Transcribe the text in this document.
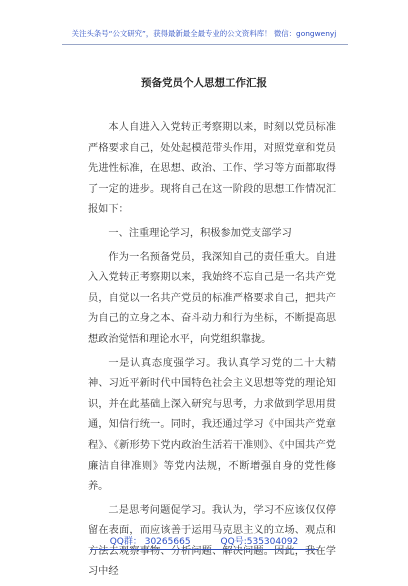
关注头条号“公文研究”，获得最新最全最专业的公文资料库！ 微信：gongwenyj
预备党员个人思想工作汇报

本人自进入入党转正考察期以来，时刻以党员标准严格要求自己，处处起模范带头作用，对照党章和党员先进性标准，在思想、政治、工作、学习等方面都取得了一定的进步。现将自己在这一阶段的思想工作情况汇报如下：

一、注重理论学习，积极参加党支部学习

作为一名预备党员，我深知自己的责任重大。自进入入党转正考察期以来，我始终不忘自己是一名共产党员，自觉以一名共产党员的标准严格要求自己，把共产为自己的立身之本、奋斗动力和行为坐标，不断提高思想政治觉悟和理论水平，向党组织靠拢。

一是认真态度强学习。我认真学习党的二十大精神、习近平新时代中国特色社会主义思想等党的理论知识，并在此基础上深入研究与思考，力求做到学思用贯通，知信行统一。同时，我还通过学习《中国共产党章程》、《新形势下党内政治生活若干准则》、《中国共产党廉洁自律准则》等党内法规，不断增强自身的党性修养。

二是思考问题促学习。我认为，学习不应该仅仅停留在表面，而应该善于运用马克思主义的立场、观点和方法去观察事物、分析问题、解决问题。因此，我在学习中经

QQ群： 30265665	QQ号:535304092
